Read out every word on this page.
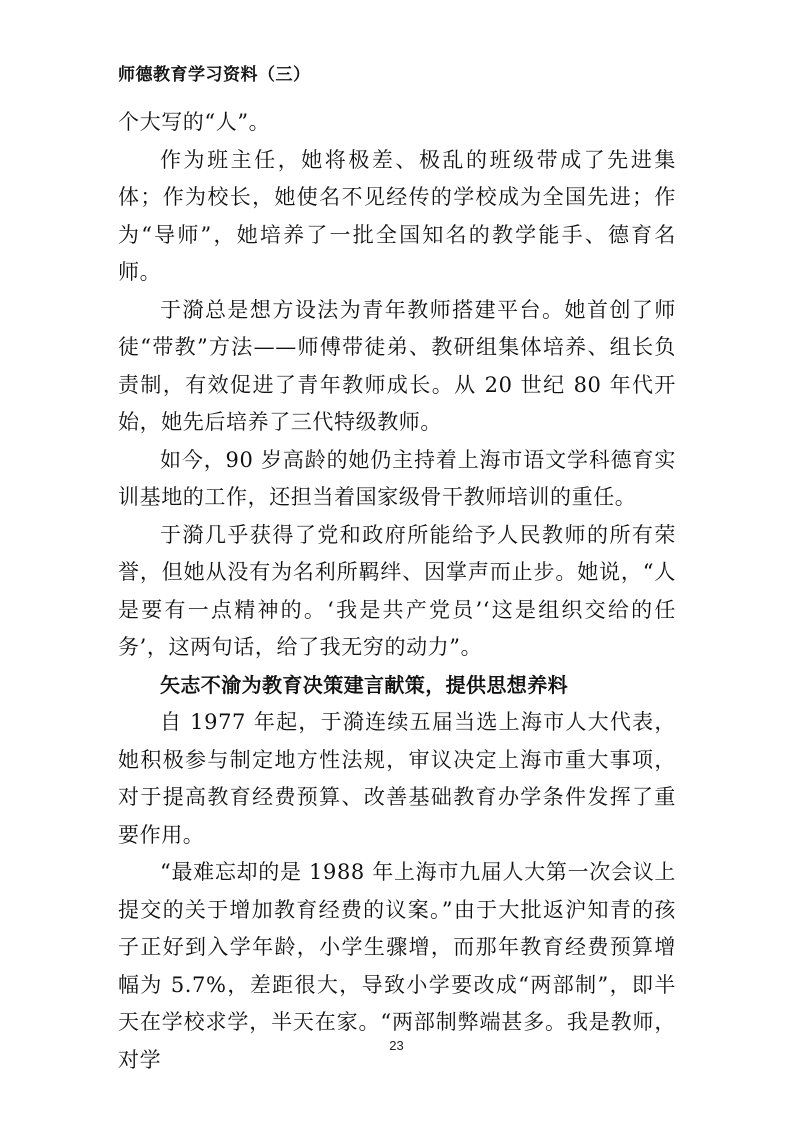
师德教育学习资料（三）

个大写的“人”。

作为班主任，她将极差、极乱的班级带成了先进集体；作为校长，她使名不见经传的学校成为全国先进；作为“导师”，她培养了一批全国知名的教学能手、德育名师。

于漪总是想方设法为青年教师搭建平台。她首创了师徒“带教”方法——师傅带徒弟、教研组集体培养、组长负责制，有效促进了青年教师成长。从 20 世纪 80 年代开始，她先后培养了三代特级教师。

如今，90 岁高龄的她仍主持着上海市语文学科德育实训基地的工作，还担当着国家级骨干教师培训的重任。

于漪几乎获得了党和政府所能给予人民教师的所有荣誉，但她从没有为名利所羁绊、因掌声而止步。她说，“人是要有一点精神的。‘我是共产党员’‘这是组织交给的任务’，这两句话，给了我无穷的动力”。

矢志不渝为教育决策建言献策，提供思想养料

自 1977 年起，于漪连续五届当选上海市人大代表，她积极参与制定地方性法规，审议决定上海市重大事项，对于提高教育经费预算、改善基础教育办学条件发挥了重要作用。

“最难忘却的是 1988 年上海市九届人大第一次会议上提交的关于增加教育经费的议案。”由于大批返沪知青的孩子正好到入学年龄，小学生骤增，而那年教育经费预算增幅为 5.7%，差距很大，导致小学要改成“两部制”，即半天在学校求学，半天在家。“两部制弊端甚多。我是教师，对学

23
